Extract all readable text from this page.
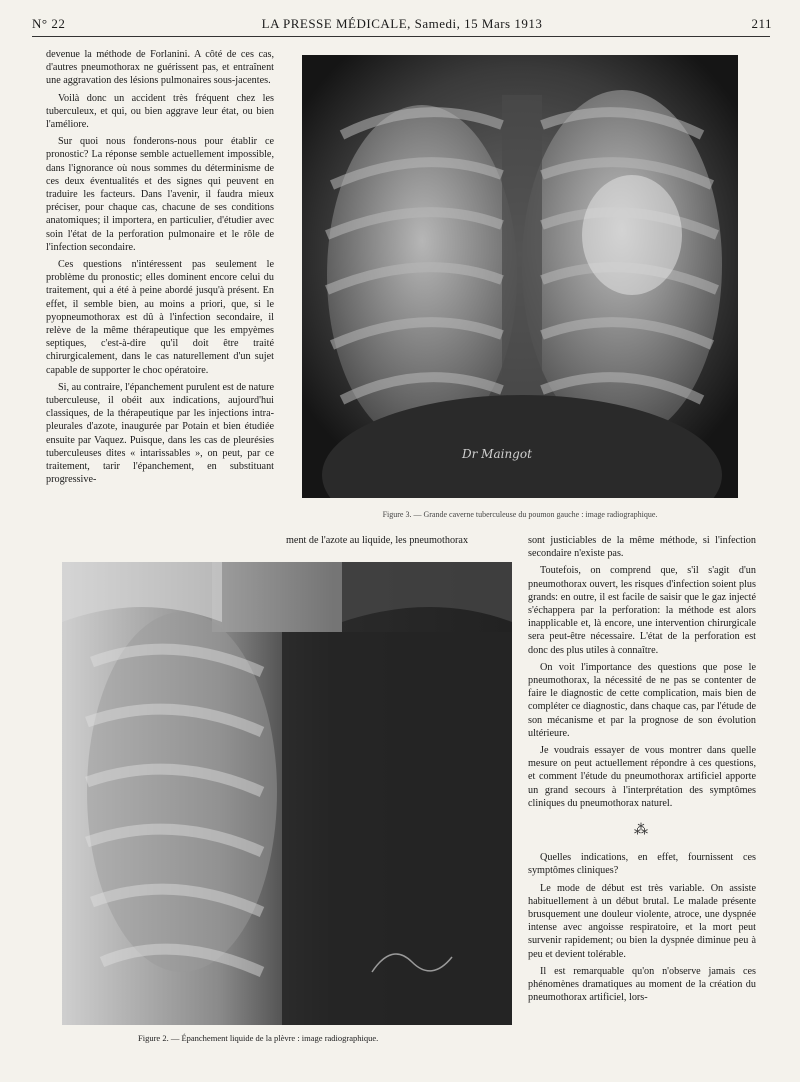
N° 22	LA PRESSE MÉDICALE, Samedi, 15 Mars 1913	211

devenue la méthode de Forlanini. A côté de ces cas, d'autres pneumothorax ne guérissent pas, et entraînent une aggravation des lésions pulmonaires sous-jacentes.

Voilà donc un accident très fréquent chez les tuberculeux, et qui, ou bien aggrave leur état, ou bien l'améliore.

Sur quoi nous fonderons-nous pour établir ce pronostic? La réponse semble actuellement impossible, dans l'ignorance où nous sommes du déterminisme de ces deux éventualités et des signes qui peuvent en traduire les facteurs. Dans l'avenir, il faudra mieux préciser, pour chaque cas, chacune de ses conditions anatomiques; il importera, en particulier, d'étudier avec soin l'état de la perforation pulmonaire et le rôle de l'infection secondaire.

Ces questions n'intéressent pas seulement le problème du pronostic; elles dominent encore celui du traitement, qui a été à peine abordé jusqu'à présent. En effet, il semble bien, au moins a priori, que, si le pyopneumothorax est dû à l'infection secondaire, il relève de la même thérapeutique que les empyèmes septiques, c'est-à-dire qu'il doit être traité chirurgicalement, dans le cas naturellement d'un sujet capable de supporter le choc opératoire.

Si, au contraire, l'épanchement purulent est de nature tuberculeuse, il obéit aux indications, aujourd'hui classiques, de la thérapeutique par les injections intra-pleurales d'azote, inaugurée par Potain et bien étudiée ensuite par Vaquez. Puisque, dans les cas de pleurésies tuberculeuses dites « intarissables », on peut, par ce traitement, tarir l'épanchement, en substituant progressive-

Dr Maingot
Figure 3. — Grande caverne tuberculeuse du poumon gauche : image radiographique.
ment de l'azote au liquide, les pneumothorax
Figure 2. — Épanchement liquide de la plèvre : image radiographique.

sont justiciables de la même méthode, si l'infection secondaire n'existe pas.

Toutefois, on comprend que, s'il s'agit d'un pneumothorax ouvert, les risques d'infection soient plus grands: en outre, il est facile de saisir que le gaz injecté s'échappera par la perforation: la méthode est alors inapplicable et, là encore, une intervention chirurgicale sera peut-être nécessaire. L'état de la perforation est donc des plus utiles à connaître.

On voit l'importance des questions que pose le pneumothorax, la nécessité de ne pas se contenter de faire le diagnostic de cette complication, mais bien de compléter ce diagnostic, dans chaque cas, par l'étude de son mécanisme et par la prognose de son évolution ultérieure.

Je voudrais essayer de vous montrer dans quelle mesure on peut actuellement répondre à ces questions, et comment l'étude du pneumothorax artificiel apporte un grand secours à l'interprétation des symptômes cliniques du pneumothorax naturel.

⁂

Quelles indications, en effet, fournissent ces symptômes cliniques?

Le mode de début est très variable. On assiste habituellement à un début brutal. Le malade présente brusquement une douleur violente, atroce, une dyspnée intense avec angoisse respiratoire, et la mort peut survenir rapidement; ou bien la dyspnée diminue peu à peu et devient tolérable.

Il est remarquable qu'on n'observe jamais ces phénomènes dramatiques au moment de la création du pneumothorax artificiel, lors-
